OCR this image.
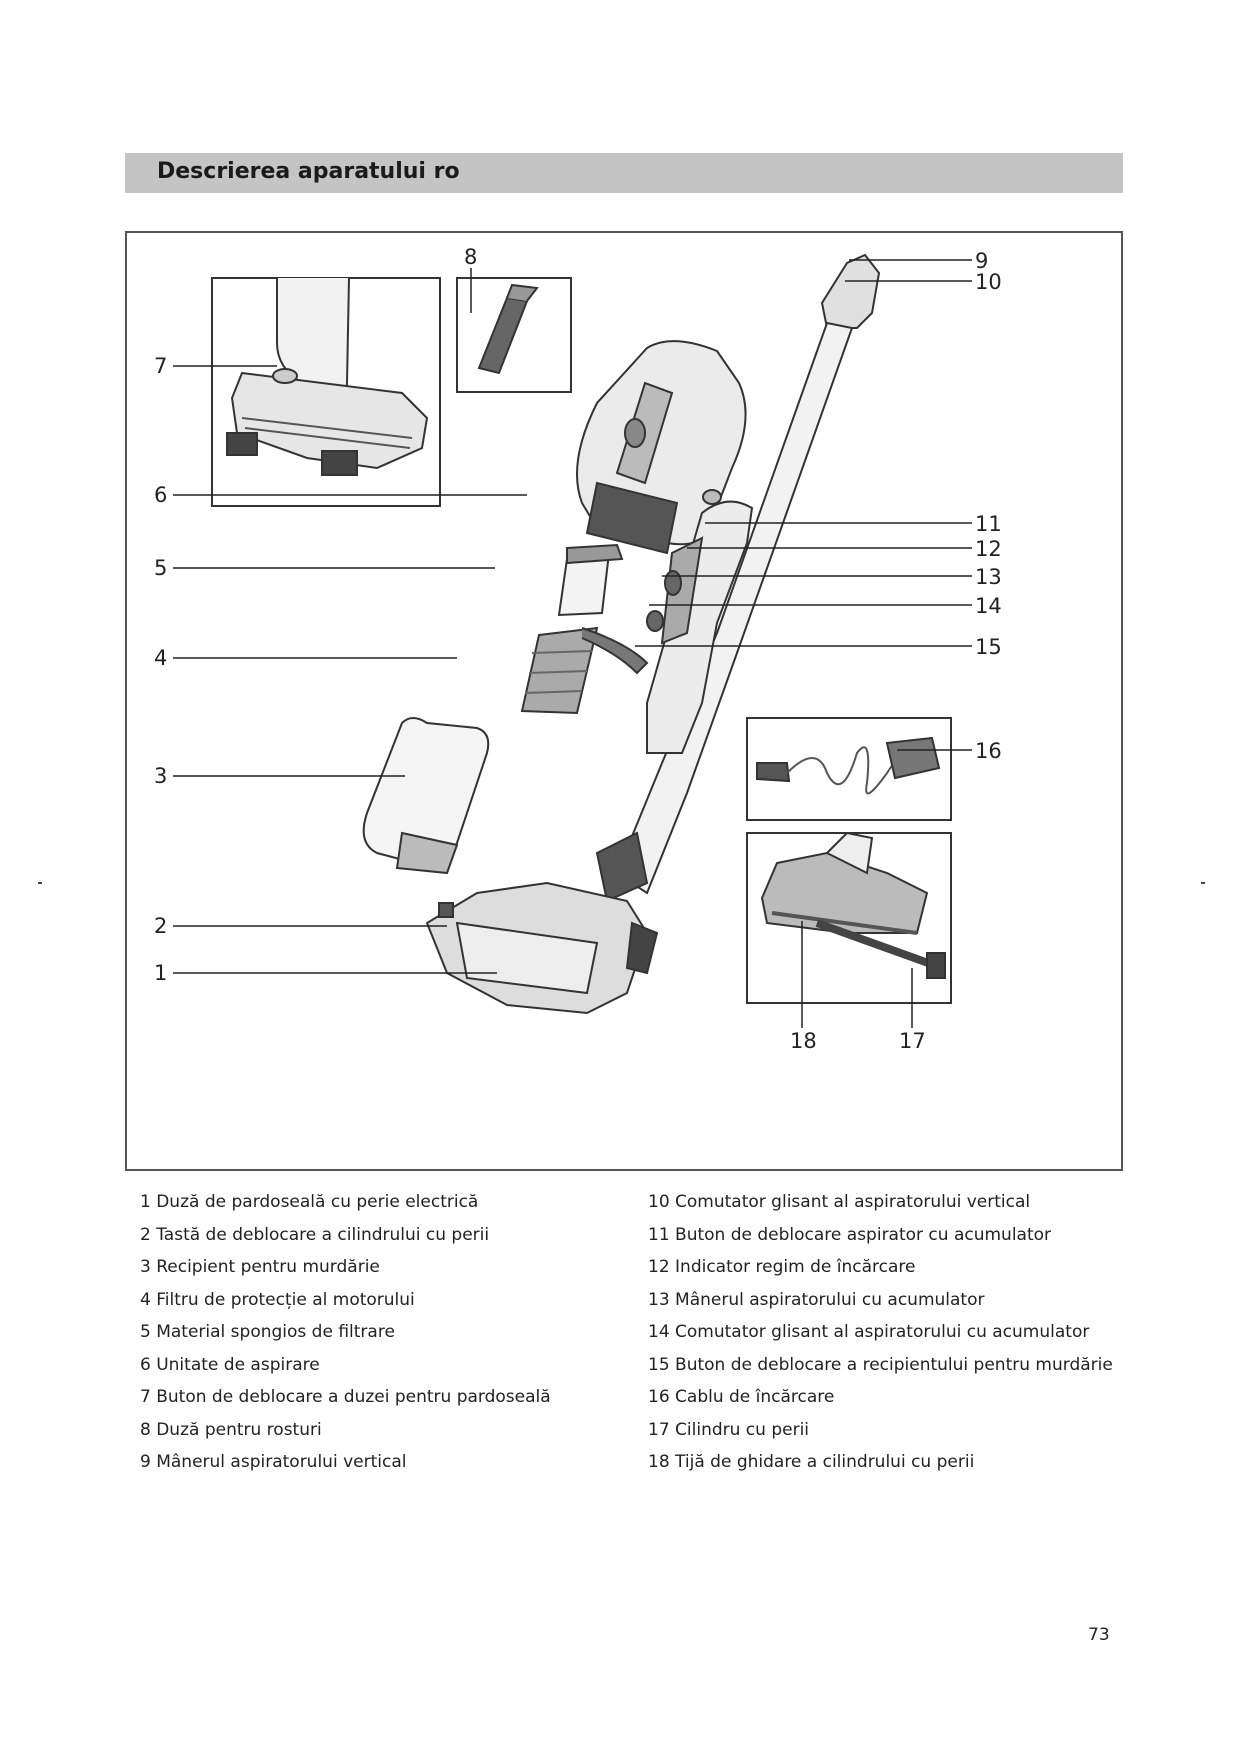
Descrierea aparatului ro
1
2
3
4
5
6
7
8	9
10
11
12
13
14
15
16
17
18
1 Duză de pardoseală cu perie electrică
2 Tastă de deblocare a cilindrului cu perii
3 Recipient pentru murdărie
4 Filtru de protecție al motorului
5 Material spongios de filtrare
6 Unitate de aspirare
7 Buton de deblocare a duzei pentru pardoseală
8 Duză pentru rosturi
9 Mânerul aspiratorului vertical
10 Comutator glisant al aspiratorului vertical
11 Buton de deblocare aspirator cu acumulator
12 Indicator regim de încărcare
13 Mânerul aspiratorului cu acumulator
14 Comutator glisant al aspiratorului cu acumulator
15 Buton de deblocare a recipientului pentru murdărie
16 Cablu de încărcare
17 Cilindru cu perii
18 Tijă de ghidare a cilindrului cu perii
73
